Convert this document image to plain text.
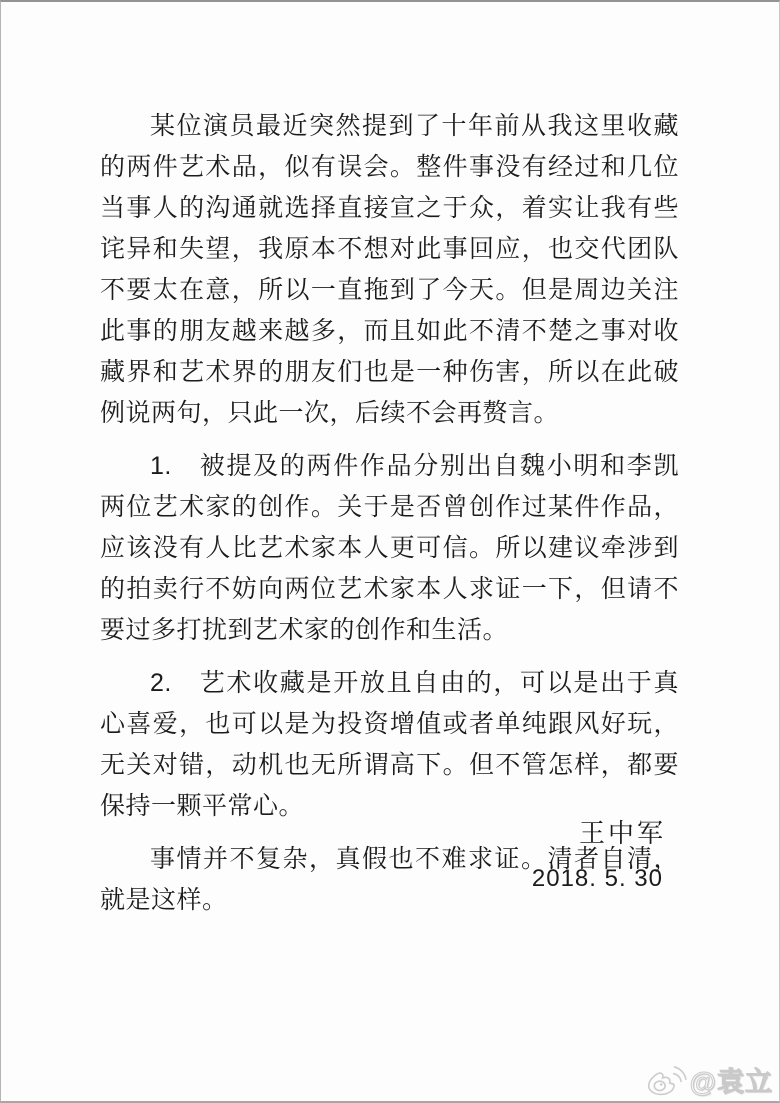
某位演员最近突然提到了十年前从我这里收藏的两件艺术品，似有误会。整件事没有经过和几位当事人的沟通就选择直接宣之于众，着实让我有些诧异和失望，我原本不想对此事回应，也交代团队不要太在意，所以一直拖到了今天。但是周边关注此事的朋友越来越多，而且如此不清不楚之事对收藏界和艺术界的朋友们也是一种伤害，所以在此破例说两句，只此一次，后续不会再赘言。

1.　被提及的两件作品分别出自魏小明和李凯两位艺术家的创作。关于是否曾创作过某件作品，应该没有人比艺术家本人更可信。所以建议牵涉到的拍卖行不妨向两位艺术家本人求证一下，但请不要过多打扰到艺术家的创作和生活。

2.　艺术收藏是开放且自由的，可以是出于真心喜爱，也可以是为投资增值或者单纯跟风好玩，无关对错，动机也无所谓高下。但不管怎样，都要保持一颗平常心。

事情并不复杂，真假也不难求证。清者自清，就是这样。

王中军
2018. 5. 30
@袁立
